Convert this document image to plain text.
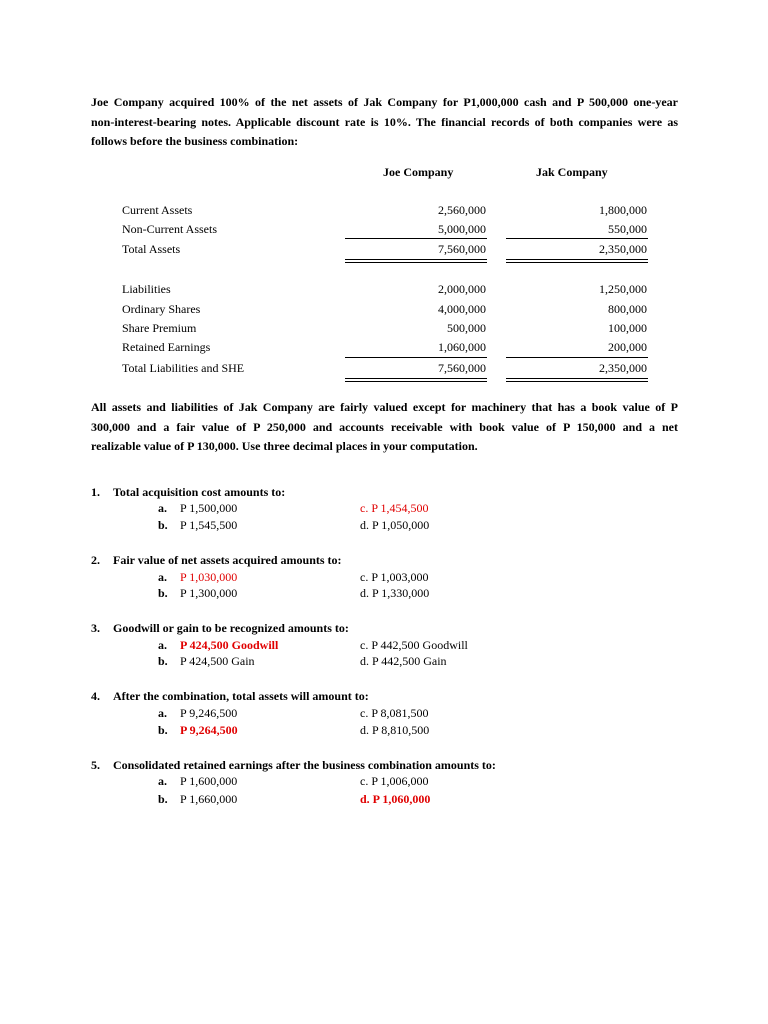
Joe Company acquired 100% of the net assets of Jak Company for P1,000,000 cash and P 500,000 one-year
non-interest-bearing notes. Applicable discount rate is 10%. The financial records of both companies were as
follows before the business combination:
Joe Company	Jak Company
Current Assets	2,560,000	1,800,000
Non-Current Assets	5,000,000	550,000
Total Assets	7,560,000	2,350,000
Liabilities	2,000,000	1,250,000
Ordinary Shares	4,000,000	800,000
Share Premium	500,000	100,000
Retained Earnings	1,060,000	200,000
Total Liabilities and SHE	7,560,000	2,350,000
All assets and liabilities of Jak Company are fairly valued except for machinery that has a book value of P
300,000 and a fair value of P 250,000 and accounts receivable with book value of P 150,000 and a net
realizable value of P 130,000. Use three decimal places in your computation.
1. Total acquisition cost amounts to:
a. P 1,500,000
b. P 1,545,500
c. P 1,454,500
d. P 1,050,000
2. Fair value of net assets acquired amounts to:
a. P 1,030,000
b. P 1,300,000
c. P 1,003,000
d. P 1,330,000
3. Goodwill or gain to be recognized amounts to:
a. P 424,500 Goodwill
b. P 424,500 Gain
c. P 442,500 Goodwill
d. P 442,500 Gain
4. After the combination, total assets will amount to:
a. P 9,246,500
b. P 9,264,500
c. P 8,081,500
d. P 8,810,500
5. Consolidated retained earnings after the business combination amounts to:
a. P 1,600,000
b. P 1,660,000
c. P 1,006,000
d. P 1,060,000
